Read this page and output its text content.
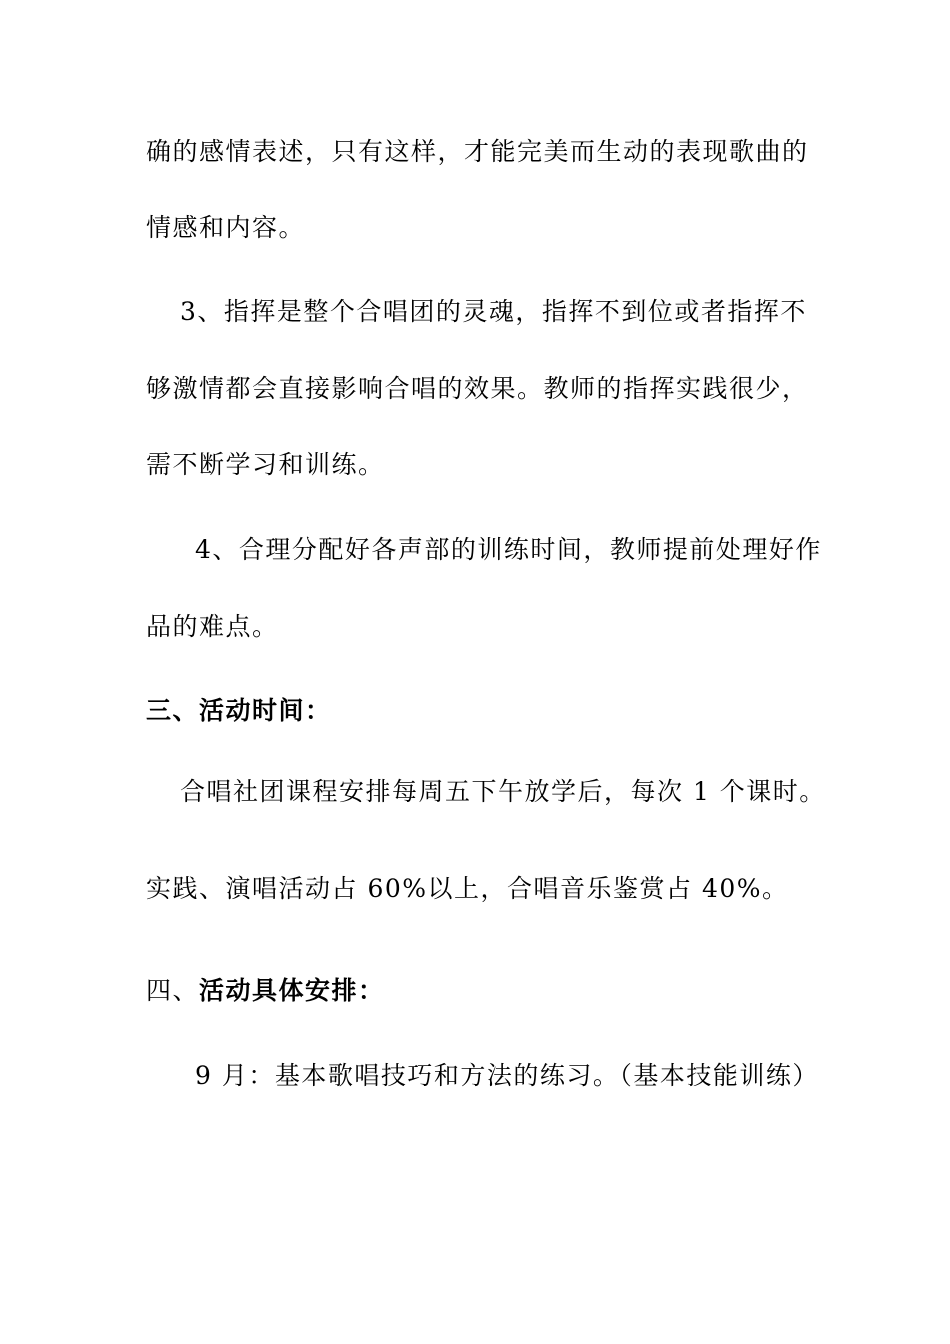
确的感情表述，只有这样，才能完美而生动的表现歌曲的
情感和内容。
3、指挥是整个合唱团的灵魂，指挥不到位或者指挥不
够激情都会直接影响合唱的效果。教师的指挥实践很少，
需不断学习和训练。
4、合理分配好各声部的训练时间，教师提前处理好作
品的难点。
三、活动时间：
合唱社团课程安排每周五下午放学后，每次 1 个课时。
实践、演唱活动占 60%以上，合唱音乐鉴赏占 40%。
四、活动具体安排：
9 月：基本歌唱技巧和方法的练习。（基本技能训练）
